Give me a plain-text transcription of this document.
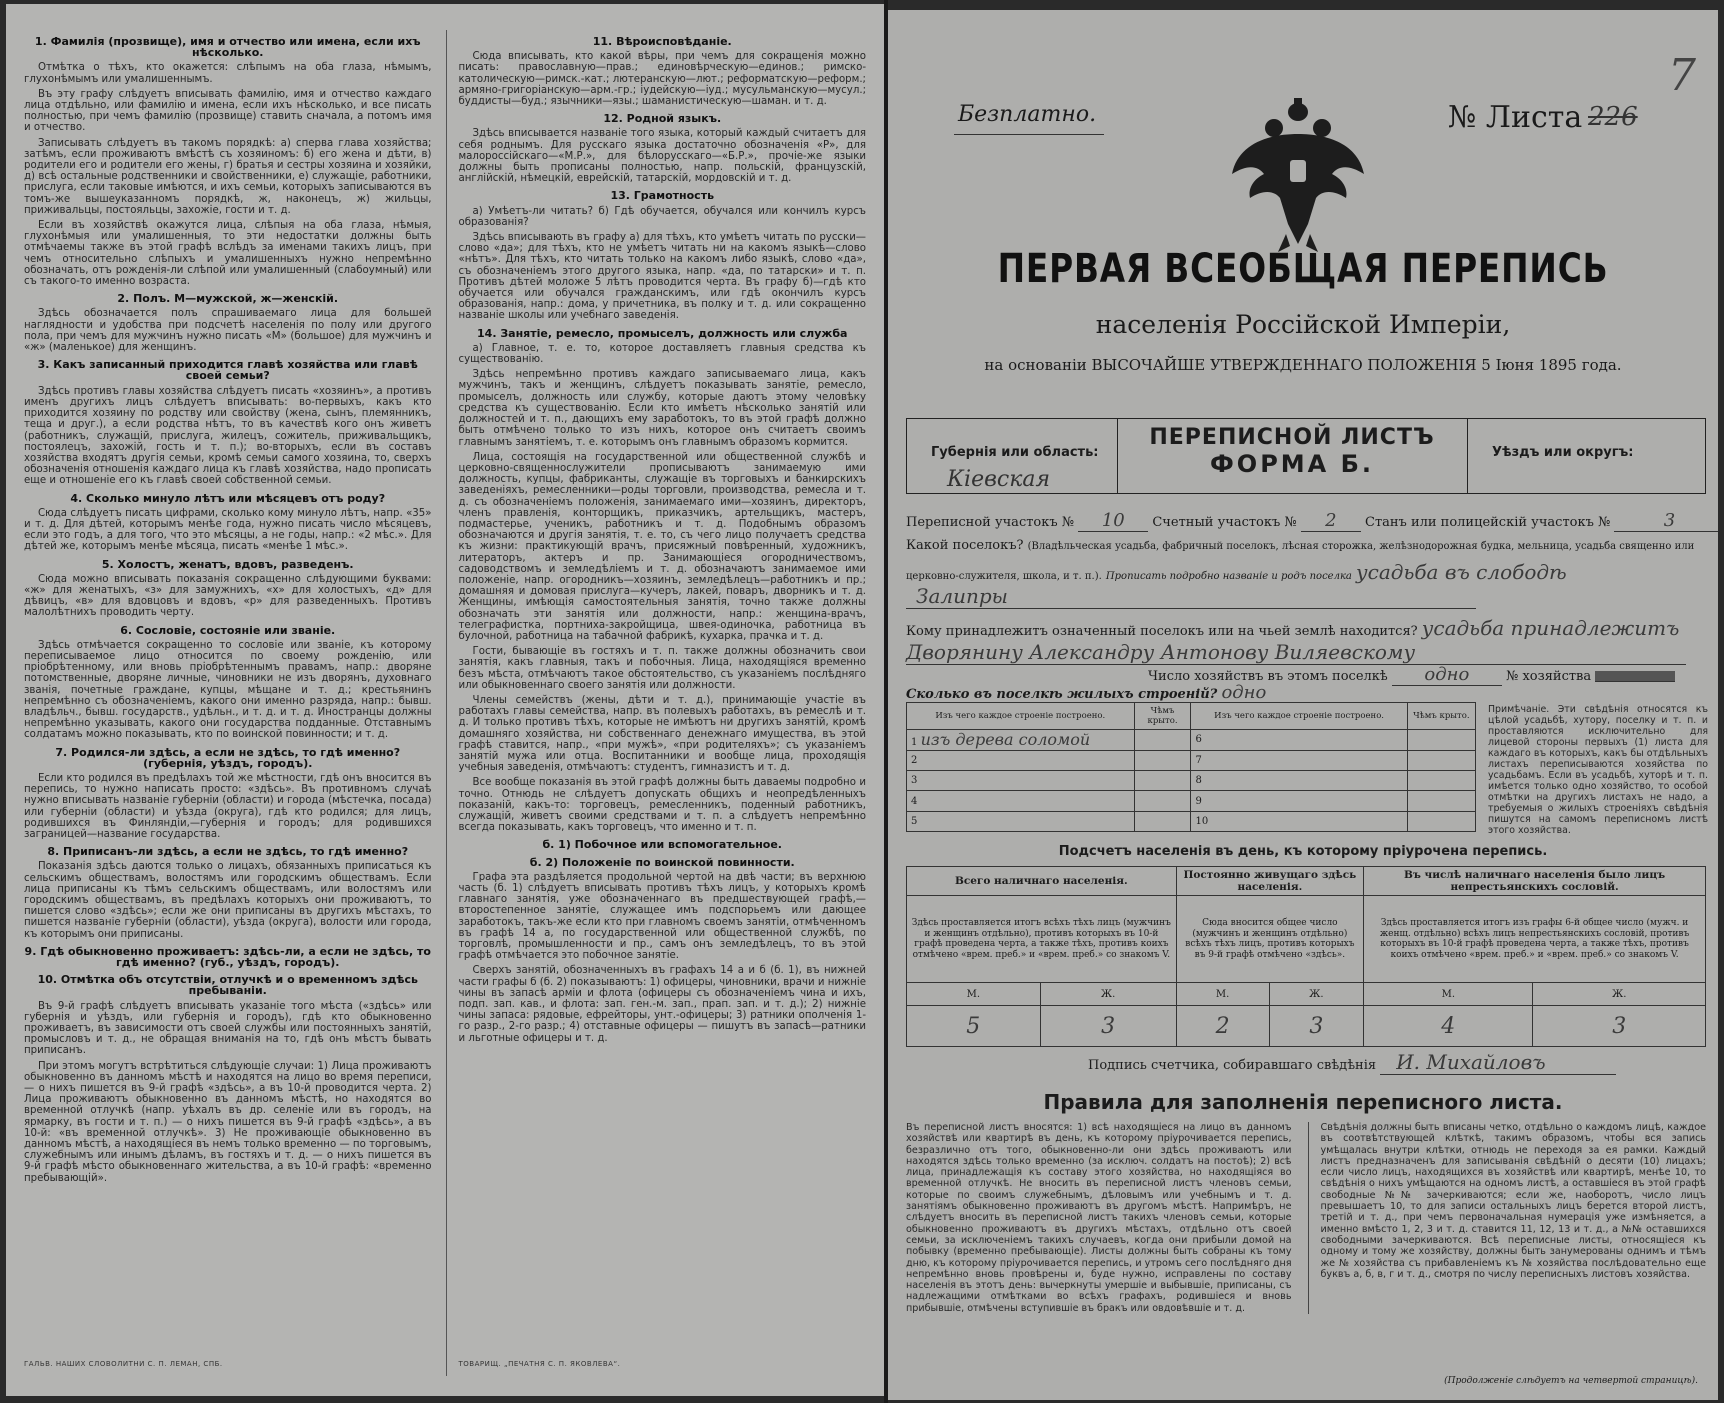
1. Фамилія (прозвище), имя и отчество или имена, если ихъ нѣсколько.
Отмѣтка о тѣхъ, кто окажется: слѣпымъ на оба глаза, нѣмымъ, глухонѣмымъ или умалишеннымъ.
Въ эту графу слѣдуетъ вписывать фамилію, имя и отчество каждаго лица отдѣльно, или фамилію и имена, если ихъ нѣсколько, и все писать полностью, при чемъ фамилію (прозвище) ставить сначала, а потомъ имя и отчество.
Записывать слѣдуетъ въ такомъ порядкѣ: а) сперва глава хозяйства; затѣмъ, если проживаютъ вмѣстѣ съ хозяиномъ: б) его жена и дѣти, в) родители его и родители его жены, г) братья и сестры хозяина и хозяйки, д) всѣ остальные родственники и свойственники, е) служащіе, работники, прислуга, если таковые имѣются, и ихъ семьи, которыхъ записываются въ томъ-же вышеуказанномъ порядкѣ, ж, наконецъ, ж) жильцы, приживальцы, постояльцы, захожіе, гости и т. д.
Если въ хозяйствѣ окажутся лица, слѣпыя на оба глаза, нѣмыя, глухонѣмыя или умалишенныя, то эти недостатки должны быть отмѣчаемы также въ этой графѣ вслѣдъ за именами такихъ лицъ, при чемъ относительно слѣпыхъ и умалишенныхъ нужно непремѣнно обозначать, отъ рожденія-ли слѣпой или умалишенный (слабоумный) или съ такого-то именно возраста.
2. Полъ. М—мужской, ж—женскій.
Здѣсь обозначается полъ спрашиваемаго лица для большей наглядности и удобства при подсчетѣ населенія по полу или другого пола, при чемъ для мужчинъ нужно писать «М» (большое) для мужчинъ и «ж» (маленькое) для женщинъ.
3. Какъ записанный приходится главѣ хозяйства или главѣ своей семьи?
Здѣсь противъ главы хозяйства слѣдуетъ писать «хозяинъ», а противъ именъ другихъ лицъ слѣдуетъ вписывать: во-первыхъ, какъ кто приходится хозяину по родству или свойству (жена, сынъ, племянникъ, теща и друг.), а если родства нѣтъ, то въ качествѣ кого онъ живетъ (работникъ, служащій, прислуга, жилецъ, сожитель, приживальщикъ, постоялецъ, захожій, гость и т. п.); во-вторыхъ, если въ составъ хозяйства входятъ другія семьи, кромѣ семьи самого хозяина, то, сверхъ обозначенія отношенія каждаго лица къ главѣ хозяйства, надо прописать еще и отношеніе его къ главѣ своей собственной семьи.
4. Сколько минуло лѣтъ или мѣсяцевъ отъ роду?
Сюда слѣдуетъ писать цифрами, сколько кому минуло лѣтъ, напр. «35» и т. д. Для дѣтей, которымъ менѣе года, нужно писать число мѣсяцевъ, если это годъ, а для того, что это мѣсяцы, а не годы, напр.: «2 мѣс.». Для дѣтей же, которымъ менѣе мѣсяца, писать «менѣе 1 мѣс.».
5. Холостъ, женатъ, вдовъ, разведенъ.
Сюда можно вписывать показанія сокращенно слѣдующими буквами: «ж» для женатыхъ, «з» для замужнихъ, «х» для холостыхъ, «д» для дѣвицъ, «в» для вдовцовъ и вдовъ, «р» для разведенныхъ. Противъ малолѣтнихъ проводить черту.
6. Сословіе, состояніе или званіе.
Здѣсь отмѣчается сокращенно то сословіе или званіе, къ которому переписываемое лицо относится по своему рожденію, или пріобрѣтенному, или вновь пріобрѣтеннымъ правамъ, напр.: дворяне потомственные, дворяне личные, чиновники не изъ дворянъ, духовнаго званія, почетные граждане, купцы, мѣщане и т. д.; крестьянинъ непремѣнно съ обозначеніемъ, какого они именно разряда, напр.: бывш. владѣльч., бывш. государств., удѣльн., и т. д. и т. д. Иностранцы должны непремѣнно указывать, какого они государства подданные. Отставнымъ солдатамъ можно показывать, кто по воинской повинности; и т. д.
7. Родился-ли здѣсь, а если не здѣсь, то гдѣ именно? (губернія, уѣздъ, городъ).
Если кто родился въ предѣлахъ той же мѣстности, гдѣ онъ вносится въ перепись, то нужно написать просто: «здѣсь». Въ противномъ случаѣ нужно вписывать названіе губерніи (области) и города (мѣстечка, посада) или губерніи (области) и уѣзда (округа), гдѣ кто родился; для лицъ, родившихся въ Финляндіи,—губернія и городъ; для родившихся заграницей—название государства.
8. Приписанъ-ли здѣсь, а если не здѣсь, то гдѣ именно?
Показанія здѣсь даются только о лицахъ, обязанныхъ приписаться къ сельскимъ обществамъ, волостямъ или городскимъ обществамъ. Если лица приписаны къ тѣмъ сельскимъ обществамъ, или волостямъ или городскимъ обществамъ, въ предѣлахъ которыхъ они проживаютъ, то пишется слово «здѣсь»; если же они приписаны въ другихъ мѣстахъ, то пишется названіе губерніи (области), уѣзда (округа), волости или города, къ которымъ они приписаны.
9. Гдѣ обыкновенно проживаетъ: здѣсь-ли, а если не здѣсь, то гдѣ именно? (губ., уѣздъ, городъ).
10. Отмѣтка объ отсутствіи, отлучкѣ и о временномъ здѣсь пребываніи.
Въ 9-й графѣ слѣдуетъ вписывать указаніе того мѣста («здѣсь» или губернія и уѣздъ, или губернія и городъ), гдѣ кто обыкновенно проживаетъ, въ зависимости отъ своей службы или постоянныхъ занятій, промысловъ и т. д., не обращая вниманія на то, гдѣ онъ мѣстъ бывать приписанъ.
При этомъ могутъ встрѣтиться слѣдующіе случаи: 1) Лица проживаютъ обыкновенно въ данномъ мѣстѣ и находятся на лицо во время переписи, — о нихъ пишется въ 9-й графѣ «здѣсь», а въ 10-й проводится черта. 2) Лица проживаютъ обыкновенно въ данномъ мѣстѣ, но находятся во временной отлучкѣ (напр. уѣхалъ въ др. селеніе или въ городъ, на ярмарку, въ гости и т. п.) — о нихъ пишется въ 9-й графѣ «здѣсь», а въ 10-й: «въ временной отлучкѣ». 3) Не проживающіе обыкновенно въ данномъ мѣстѣ, а находящіеся въ немъ только временно — по торговымъ, служебнымъ или инымъ дѣламъ, въ гостяхъ и т. д. — о нихъ пишется въ 9-й графѣ мѣсто обыкновеннаго жительства, а въ 10-й графѣ: «временно пребывающій».
ГАЛЬВ. НАШИХ СЛОВОЛИТНИ С. П. ЛЕМАН, СПБ.
11. Вѣроисповѣданіе.
Сюда вписывать, кто какой вѣры, при чемъ для сокращенія можно писать: православную—прав.; единовѣрческую—единов.; римско-католическую—римск.-кат.; лютеранскую—лют.; реформатскую—реформ.; армяно-григоріанскую—арм.-гр.; іудейскую—іуд.; мусульманскую—мусул.; буддисты—буд.; язычники—язы.; шаманистическую—шаман. и т. д.
12. Родной языкъ.
Здѣсь вписывается названіе того языка, который каждый считаетъ для себя роднымъ. Для русскаго языка достаточно обозначенія «Р», для малороссійскаго—«М.Р.», для бѣлорусскаго—«Б.Р.», прочіе-же языки должны быть прописаны полностью, напр. польскій, французскій, англійскій, нѣмецкій, еврейскій, татарскій, мордовскій и т. д.
13. Грамотность
а) Умѣетъ-ли читать? б) Гдѣ обучается, обучался или кончилъ курсъ образованія?
Здѣсь вписывають въ графу а) для тѣхъ, кто умѣетъ читать по русски—слово «да»; для тѣхъ, кто не умѣетъ читать ни на какомъ языкѣ—слово «нѣтъ». Для тѣхъ, кто читать только на какомъ либо языкѣ, слово «да», съ обозначеніемъ этого другого языка, напр. «да, по татарски» и т. п. Противъ дѣтей моложе 5 лѣтъ проводится черта. Въ графу б)—гдѣ кто обучается или обучался гражданскимъ, или гдѣ окончилъ курсъ образованія, напр.: дома, у причетника, въ полку и т. д. или сокращенно названіе школы или учебнаго заведенія.
14. Занятіе, ремесло, промыселъ, должность или служба
а) Главное, т. е. то, которое доставляетъ главныя средства къ существованію.
Здѣсь непремѣнно противъ каждаго записываемаго лица, какъ мужчинъ, такъ и женщинъ, слѣдуетъ показывать занятіе, ремесло, промыселъ, должность или службу, которые даютъ этому человѣку средства къ существованію. Если кто имѣетъ нѣсколько занятій или должностей и т. п., дающихъ ему заработокъ, то въ этой графѣ должно быть отмѣчено только то изъ нихъ, которое онъ считаетъ своимъ главнымъ занятіемъ, т. е. которымъ онъ главнымъ образомъ кормится.
Лица, состоящія на государственной или общественной службѣ и церковно-священнослужители прописываютъ занимаемую ими должность, купцы, фабриканты, служащіе въ торговыхъ и банкирскихъ заведеніяхъ, ремесленники—роды торговли, производства, ремесла и т. д. съ обозначеніемъ положенія, занимаемаго ими—хозяинъ, директоръ, членъ правленія, конторщикъ, приказчикъ, артельщикъ, мастеръ, подмастерье, ученикъ, работникъ и т. д. Подобнымъ образомъ обозначаются и другія занятія, т. е. то, съ чего лицо получаетъ средства къ жизни: практикующій врачъ, присяжный повѣренный, художникъ, литераторъ, актеръ и пр. Занимающіеся огородничествомъ, садоводствомъ и земледѣліемъ и т. д. обозначаютъ занимаемое ими положеніе, напр. огородникъ—хозяинъ, земледѣлецъ—работникъ и пр.; домашняя и домовая прислуга—кучеръ, лакей, поваръ, дворникъ и т. д. Женщины, имѣющія самостоятельныя занятія, точно также должны обозначать эти занятія или должности, напр.: женщина-врачъ, телеграфистка, портниха-закройщица, швея-одиночка, работница въ булочной, работница на табачной фабрикѣ, кухарка, прачка и т. д.
Гости, бывающіе въ гостяхъ и т. п. также должны обозначить свои занятія, какъ главныя, такъ и побочныя. Лица, находящіяся временно безъ мѣста, отмѣчаютъ такое обстоятельство, съ указаніемъ послѣдняго или обыкновеннаго своего занятія или должности.
Члены семействъ (жены, дѣти и т. д.), принимающіе участіе въ работахъ главы семейства, напр. въ полевыхъ работахъ, въ ремеслѣ и т. д. И только противъ тѣхъ, которые не имѣютъ ни другихъ занятій, кромѣ домашняго хозяйства, ни собственнаго денежнаго имущества, въ этой графѣ ставится, напр., «при мужѣ», «при родителяхъ»; съ указаніемъ занятій мужа или отца. Воспитанники и вообще лица, проходящія учебныя заведенія, отмѣчаютъ: студентъ, гимназистъ и т. д.
Все вообще показанія въ этой графѣ должны быть даваемы подробно и точно. Отнюдь не слѣдуетъ допускать общихъ и неопредѣленныхъ показаній, какъ-то: торговецъ, ремесленникъ, поденный работникъ, служащій, живетъ своими средствами и т. п. а слѣдуетъ непремѣнно всегда показывать, какъ торговецъ, что именно и т. п.
б. 1) Побочное или вспомогательное.
б. 2) Положеніе по воинской повинности.
Графа эта раздѣляется продольной чертой на двѣ части; въ верхнюю часть (б. 1) слѣдуетъ вписывать противъ тѣхъ лицъ, у которыхъ кромѣ главнаго занятія, уже обозначеннаго въ предшествующей графѣ,—второстепенное занятіе, служащее имъ подспорьемъ или дающее заработокъ, такъ-же если кто при главномъ своемъ занятіи, отмѣченномъ въ графѣ 14 а, по государственной или общественной службѣ, по торговлѣ, промышленности и пр., самъ онъ земледѣлецъ, то въ этой графѣ отмѣчается это побочное занятіе.
Сверхъ занятій, обозначенныхъ въ графахъ 14 а и б (б. 1), въ нижней части графы б (б. 2) показываютъ: 1) офицеры, чиновники, врачи и нижніе чины въ запасѣ арміи и флота (офицеры съ обозначеніемъ чина и ихъ, подп. зап. кав., и флота: зап. ген.-м. зап., прап. зап. и т. д.); 2) нижніе чины запаса: рядовые, ефрейторы, унт.-офицеры; 3) ратники ополченія 1-го разр., 2-го разр.; 4) отставные офицеры — пишутъ въ запасѣ—ратники и льготные офицеры и т. д.
ТОВАРИЩ. „ПЕЧАТНЯ С. П. ЯКОВЛЕВА“.
7
Безплатно.	№ Листа 226
ПЕРВАЯ ВСЕОБЩАЯ ПЕРЕПИСЬ
населенія Россійской Имперіи,
на основаніи ВЫСОЧАЙШЕ УТВЕРЖДЕННАГО ПОЛОЖЕНІЯ 5 Іюня 1895 года.
Губернія или область:
Кіевская
ПЕРЕПИСНОЙ ЛИСТЪ
ФОРМА Б.	Уѣздъ или округъ:
Переписной участокъ № 10 Счетный участокъ № 2 Станъ или полицейскій участокъ №	3
Какой поселокъ? (Владѣльческая усадьба, фабричный поселокъ, лѣсная сторожка, желѣзнодорожная будка, мельница, усадьба священно или
церковно-служителя, школа, и т. п.). Прописать подробно названіе и родъ поселка усадьба въ слободѣ
Залипры
Кому принадлежитъ означенный поселокъ или на чьей землѣ находится? усадьба принадлежитъ
Дворянину Александру Антонову Виляевскому
Число хозяйствъ въ этомъ поселкѣ одно	№ хозяйства
Сколько въ поселкѣ жилыхъ строеній? одно
Изъ чего каждое строеніе построено.	Чѣмъ крыто.	Изъ чего каждое строеніе построено.	Чѣмъ крыто.
1 изъ дерева соломой		6	
2		7	
3		8	
4		9	
5		10	
Примѣчаніе. Эти свѣдѣнія относятся къ цѣлой усадьбѣ, хутору, поселку и т. п. и проставляются исключительно для лицевой стороны первыхъ (1) листа для каждаго въ которыхъ, какъ бы отдѣльныхъ листахъ переписываются хозяйства по усадьбамъ. Если въ усадьбѣ, хуторѣ и т. п. имѣется только одно хозяйство, то особой отмѣтки на другихъ листахъ не надо, а требуемыя о жилыхъ строеніяхъ свѣдѣнія пишутся на самомъ переписномъ листѣ этого хозяйства.
Подсчетъ населенія въ день, къ которому пріурочена перепись.
Всего наличнаго населенія.		Постоянно живущаго здѣсь населенія.		Въ числѣ наличнаго населенія было лицъ непрестьянскихъ сословій.	
Здѣсь проставляется итогъ всѣхъ тѣхъ лицъ (мужчинъ и женщинъ отдѣльно), противъ которыхъ въ 10-й графѣ проведена черта, а также тѣхъ, противъ коихъ отмѣчено «врем. преб.» и «врем. преб.» со знакомъ V.		Сюда вносится общее число (мужчинъ и женщинъ отдѣльно) всѣхъ тѣхъ лицъ, противъ которыхъ въ 9-й графѣ отмѣчено «здѣсь».		Здѣсь проставляется итогъ изъ графы 6-й общее число (мужч. и женщ. отдѣльно) всѣхъ лицъ непрестьянскихъ сословій, противъ которыхъ въ 10-й графѣ проведена черта, а также тѣхъ, противъ коихъ отмѣчено «врем. преб.» и «врем. преб.» со знакомъ V.	
М.	Ж.	М.	Ж.	М.	Ж.
5	3	2	3	4	3
Подпись счетчика, собиравшаго свѣдѣнія И. Михайловъ
Правила для заполненія переписного листа.
Въ переписной листъ вносятся: 1) всѣ находящіеся на лицо въ данномъ хозяйствѣ или квартирѣ въ день, къ которому пріурочивается перепись, безразлично отъ того, обыкновенно-ли они здѣсь проживаютъ или находятся здѣсь только временно (за исключ. солдатъ на постоѣ); 2) всѣ лица, принадлежащія къ составу этого хозяйства, но находящіяся во временной отлучкѣ. Не вносить въ переписной листъ членовъ семьи, которые по своимъ служебнымъ, дѣловымъ или учебнымъ и т. д. занятіямъ обыкновенно проживаютъ въ другомъ мѣстѣ. Напримѣръ, не слѣдуетъ вносить въ переписной листъ такихъ членовъ семьи, которые обыкновенно проживаютъ въ другихъ мѣстахъ, отдѣльно отъ своей семьи, за исключеніемъ такихъ случаевъ, когда они прибыли домой на побывку (временно пребывающіе). Листы должны быть собраны къ тому дню, къ которому пріурочивается перепись, и утромъ сего послѣдняго дня непремѣнно вновь провѣрены и, буде нужно, исправлены по составу населенія въ этотъ день: вычеркнуты умершіе и выбывшіе, приписаны, съ надлежащими отмѣтками во всѣхъ графахъ, родившіеся и вновь прибывшіе, отмѣчены вступившіе въ бракъ или овдовѣвшіе и т. д.
Свѣдѣнія должны быть вписаны четко, отдѣльно о каждомъ лицѣ, каждое въ соотвѣтствующей клѣткѣ, такимъ образомъ, чтобы вся запись умѣщалась внутри клѣтки, отнюдь не переходя за ея рамки. Каждый листъ предназначенъ для записыванія свѣдѣній о десяти (10) лицахъ; если число лицъ, находящихся въ хозяйствѣ или квартирѣ, менѣе 10, то свѣдѣнія о нихъ умѣщаются на одномъ листѣ, а оставшіеся въ этой графѣ свободные №№ зачеркиваются; если же, наоборотъ, число лицъ превышаетъ 10, то для записи остальныхъ лицъ берется второй листъ, третій и т. д., при чемъ первоначальная нумерація уже измѣняется, а именно вмѣсто 1, 2, 3 и т. д. ставится 11, 12, 13 и т. д., а №№ оставшихся свободными зачеркиваются. Всѣ переписные листы, относящіеся къ одному и тому же хозяйству, должны быть занумерованы однимъ и тѣмъ же № хозяйства съ прибавленіемъ къ № хозяйства послѣдовательно еще буквъ а, б, в, г и т. д., смотря по числу переписныхъ листовъ хозяйства.
(Продолженіе слѣдуетъ на четвертой страницѣ).
